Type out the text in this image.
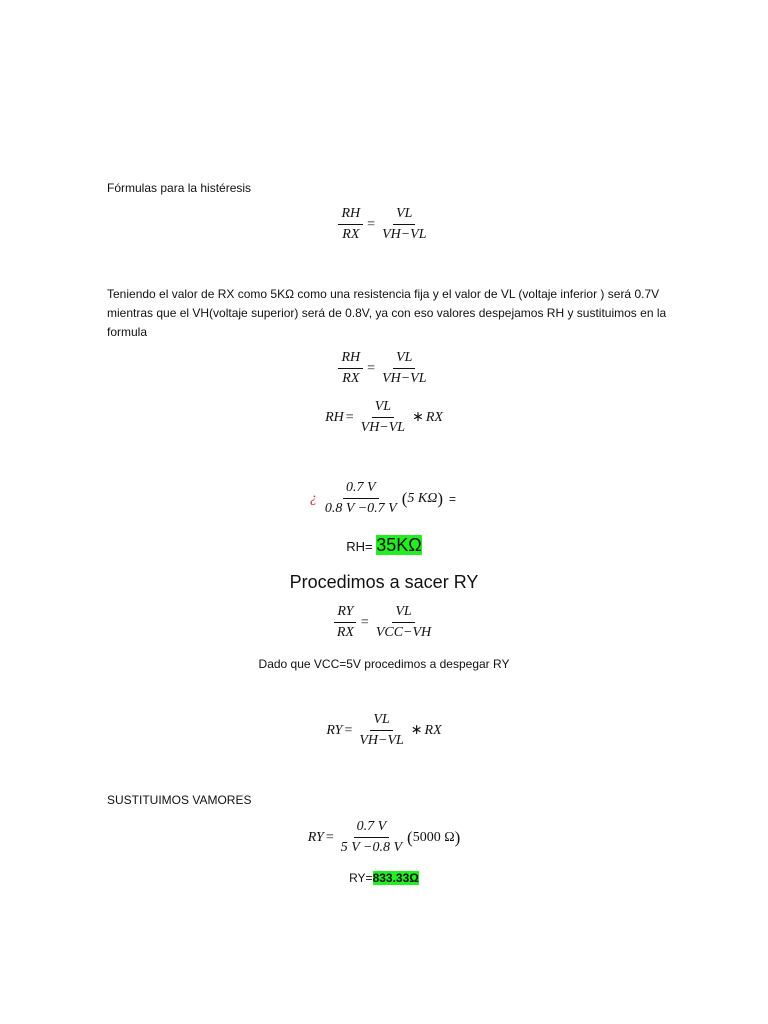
Fórmulas para la histéresis
$\frac{RH}{RX} = \frac{VL}{VH-VL}$
Teniendo el valor de RX como 5KΩ como una resistencia fija y el valor de VL (voltaje inferior ) será 0.7V mientras que el VH(voltaje superior) será de 0.8V, ya con eso valores despejamos RH y sustituimos en la formula
$\frac{RH}{RX} = \frac{VL}{VH-VL}$
RH = $\frac{VL}{VH-VL}$ ∗ RX
¿ $\frac{0.7 V}{0.8 V -0.7 V}$ ( 5 KΩ ) =
RH= 35KΩ
Procedimos a sacer RY
$\frac{RY}{RX} = \frac{VL}{\text{VCC−VH}}$
Dado que VCC=5V procedimos a despegar RY
RY = $\frac{VL}{VH-VL}$ ∗ RX
SUSTITUIMOS VAMORES
RY = $\frac{0.7 V}{5 V -0.8 V}$ ( 5000 Ω )
RY=833.33Ω
